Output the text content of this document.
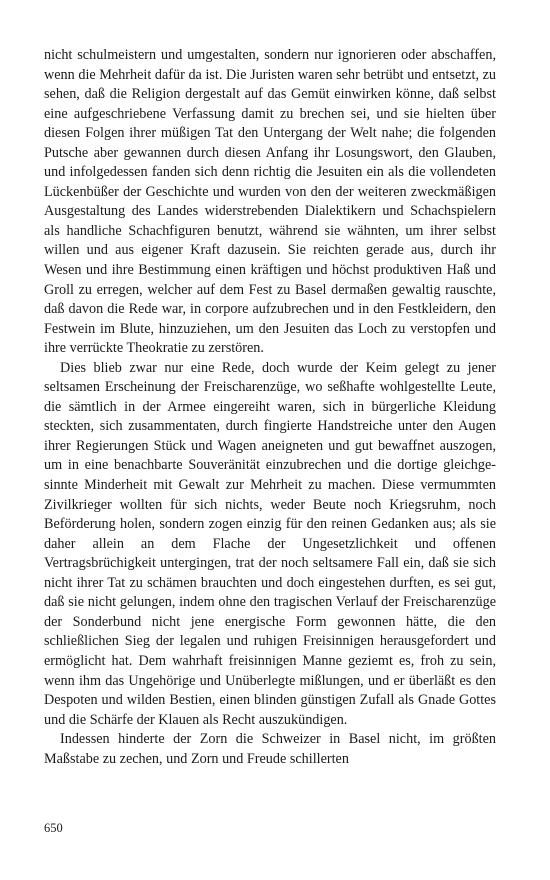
nicht schulmeistern und umgestalten, sondern nur ignorieren oder abschaffen, wenn die Mehrheit dafür da ist. Die Juristen waren sehr betrübt und entsetzt, zu sehen, daß die Religion dergestalt auf das Gemüt einwirken könne, daß selbst eine aufgeschriebene Verfassung damit zu brechen sei, und sie hielten über diesen Folgen ihrer müßigen Tat den Untergang der Welt nahe; die folgenden Putsche aber gewannen durch diesen Anfang ihr Losungswort, den Glauben, und infolgedessen fanden sich denn richtig die Jesuiten ein als die vollendeten Lückenbüßer der Geschichte und wurden von den der weiteren zweckmäßigen Ausgestaltung des Landes widerstrebenden Dialektikern und Schachspielern als handliche Schachfiguren benutzt, während sie wähnten, um ihrer selbst willen und aus eigener Kraft dazusein. Sie reichten gerade aus, durch ihr Wesen und ihre Bestimmung einen kräftigen und höchst produktiven Haß und Groll zu erregen, welcher auf dem Fest zu Basel dermaßen gewaltig rauschte, daß davon die Rede war, in corpore aufzubrechen und in den Festkleidern, den Festwein im Blute, hinzuziehen, um den Jesuiten das Loch zu verstopfen und ihre verrückte Theokratie zu zerstören.

Dies blieb zwar nur eine Rede, doch wurde der Keim gelegt zu jener seltsamen Erscheinung der Freischarenzüge, wo seßhafte wohlgestellte Leute, die sämtlich in der Armee eingereiht waren, sich in bürgerliche Kleidung steckten, sich zusammentaten, durch fingierte Handstreiche unter den Augen ihrer Regierungen Stück und Wagen aneigneten und gut bewaffnet auszogen, um in eine benachbarte Souveränität einzubrechen und die dortige gleichgesinnte Minderheit mit Gewalt zur Mehrheit zu machen. Diese vermummten Zivilkrieger wollten für sich nichts, weder Beute noch Kriegsruhm, noch Beförderung holen, sondern zogen einzig für den reinen Gedanken aus; als sie daher allein an dem Flache der Ungesetzlichkeit und offenen Vertragsbrüchigkeit untergingen, trat der noch seltsamere Fall ein, daß sie sich nicht ihrer Tat zu schämen brauchten und doch eingestehen durften, es sei gut, daß sie nicht gelungen, indem ohne den tragischen Verlauf der Freischarenzüge der Sonderbund nicht jene energische Form gewonnen hätte, die den schließlichen Sieg der legalen und ruhigen Freisinnigen herausgefordert und ermöglicht hat. Dem wahrhaft freisinnigen Manne geziemt es, froh zu sein, wenn ihm das Ungehörige und Unüberlegte mißlungen, und er überläßt es den Despoten und wilden Bestien, einen blinden günstigen Zufall als Gnade Gottes und die Schärfe der Klauen als Recht auszukündigen.

Indessen hinderte der Zorn die Schweizer in Basel nicht, im größten Maßstabe zu zechen, und Zorn und Freude schillerten

650
